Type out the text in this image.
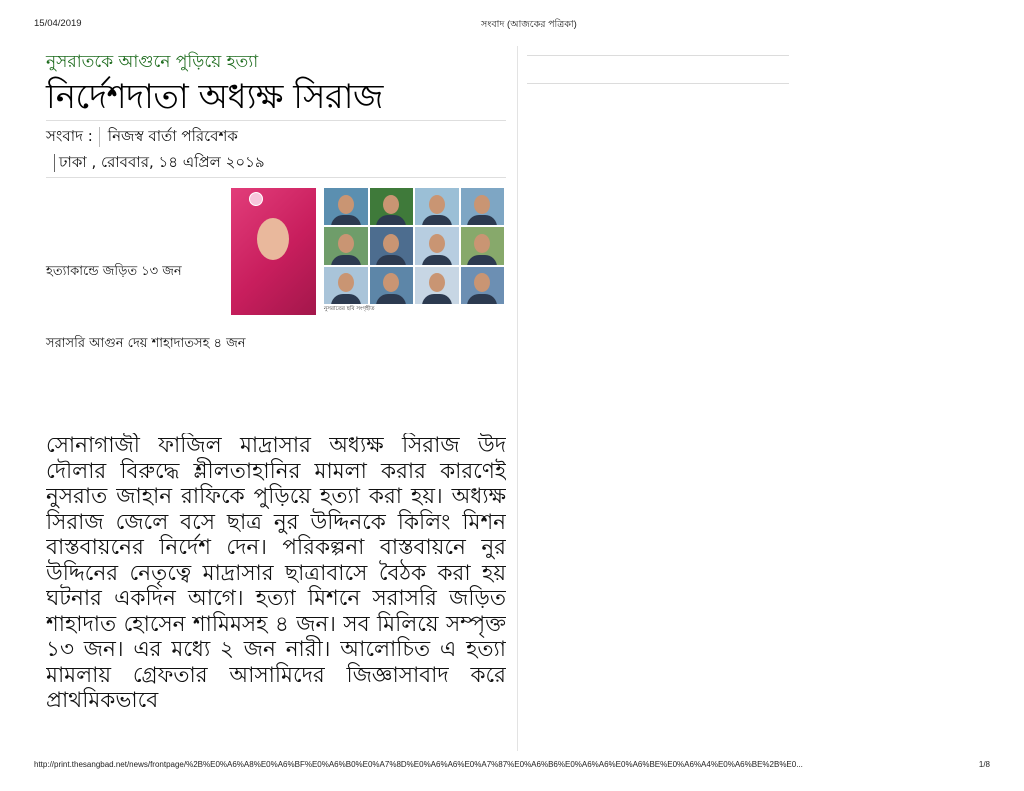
15/04/2019	সংবাদ (আজকের পত্রিকা)
নুসরাতকে আগুনে পুড়িয়ে হত্যা
নির্দেশদাতা অধ্যক্ষ সিরাজ
সংবাদ : নিজস্ব বার্তা পরিবেশক
ঢাকা , রোববার, ১৪ এপ্রিল ২০১৯
হত্যাকান্ডে জড়িত ১৩ জন
নুসরাতের ছবি সংগৃহীত
সরাসরি আগুন দেয় শাহাদাতসহ ৪ জন
সোনাগাজী ফাজিল মাদ্রাসার অধ্যক্ষ সিরাজ উদ দৌলার বিরুদ্ধে শ্লীলতাহানির মামলা করার কারণেই নুসরাত জাহান রাফিকে পুড়িয়ে হত্যা করা হয়। অধ্যক্ষ সিরাজ জেলে বসে ছাত্র নুর উদ্দিনকে কিলিং মিশন বাস্তবায়নের নির্দেশ দেন। পরিকল্পনা বাস্তবায়নে নুর উদ্দিনের নেতৃত্বে মাদ্রাসার ছাত্রাবাসে বৈঠক করা হয় ঘটনার একদিন আগে। হত্যা মিশনে সরাসরি জড়িত শাহাদাত হোসেন শামিমসহ ৪ জন। সব মিলিয়ে সম্পৃক্ত ১৩ জন। এর মধ্যে ২ জন নারী। আলোচিত এ হত্যা মামলায় গ্রেফতার আসামিদের জিজ্ঞাসাবাদ করে প্রাথমিকভাবে
http://print.thesangbad.net/news/frontpage/%2B%E0%A6%A8%E0%A6%BF%E0%A6%B0%E0%A7%8D%E0%A6%A6%E0%A7%87%E0%A6%B6%E0%A6%A6%E0%A6%BE%E0%A6%A4%E0%A6%BE%2B%E0...	1/8
